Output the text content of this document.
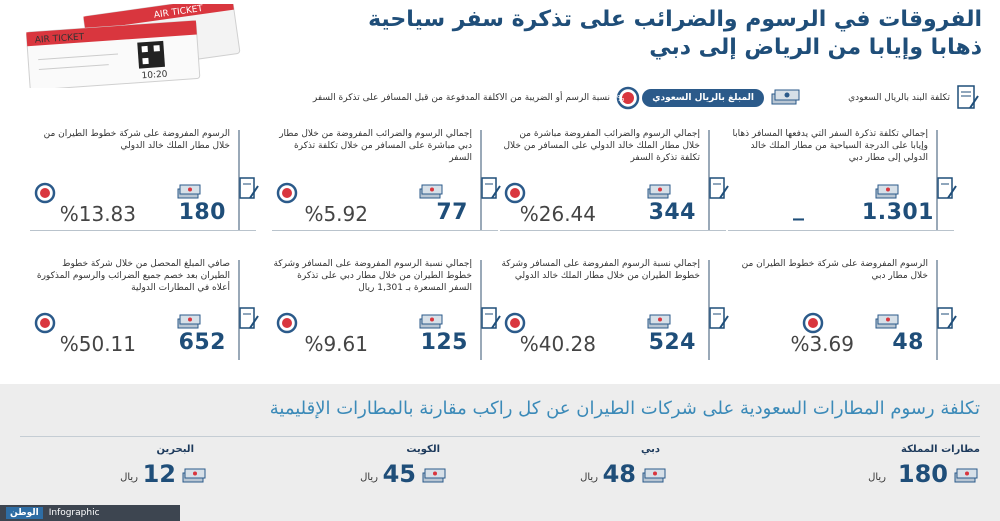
AIR TICKET
AIR TICKET
10:20
الفروقات في الرسوم والضرائب على تذكرة سفر سياحية
ذهابا وإيابا من الرياض إلى دبي
تكلفة البند بالريال السعودي
المبلغ بالريال السعودي
%
نسبة الرسم أو الضريبة من الاكلفة المدفوعة من قبل المسافر على تذكرة السفر
إجمالي تكلفة تذكرة السفر التي يدفعها المسافر ذهابا وإيابا على الدرجة السياحية من مطار الملك خالد الدولي إلى مطار دبي
1.301
_
إجمالي الرسوم والضرائب المفروضة مباشرة من خلال مطار الملك خالد الدولي على المسافر من خلال تكلفة تذكرة السفر
344
%26.44
إجمالي الرسوم والضرائب المفروضة من خلال مطار دبي مباشرة على المسافر من خلال تكلفة تذكرة السفر
77
%5.92
الرسوم المفروضة على شركة خطوط الطيران من خلال مطار الملك خالد الدولي
180
%13.83
الرسوم المفروضة على شركة خطوط الطيران من خلال مطار دبي
48
%3.69
إجمالي نسبة الرسوم المفروضة على المسافر وشركة خطوط الطيران من خلال مطار الملك خالد الدولي
524
%40.28
إجمالي نسبة الرسوم المفروضة على المسافر وشركة خطوط الطيران من خلال مطار دبي على تذكرة السفر المسعرة بـ 1,301 ريال
125
%9.61
صافي المبلغ المحصل من خلال شركة خطوط الطيران بعد خصم جميع الضرائب والرسوم المذكورة أعلاه في المطارات الدولية
652
%50.11
تكلفة رسوم المطارات السعودية على شركات الطيران عن كل راكب مقارنة بالمطارات الإقليمية
مطارات المملكة
180
ريال
دبي
48
ريال
الكويت
45
ريال
البحرين
12
ريال
الوطن	Infographic
